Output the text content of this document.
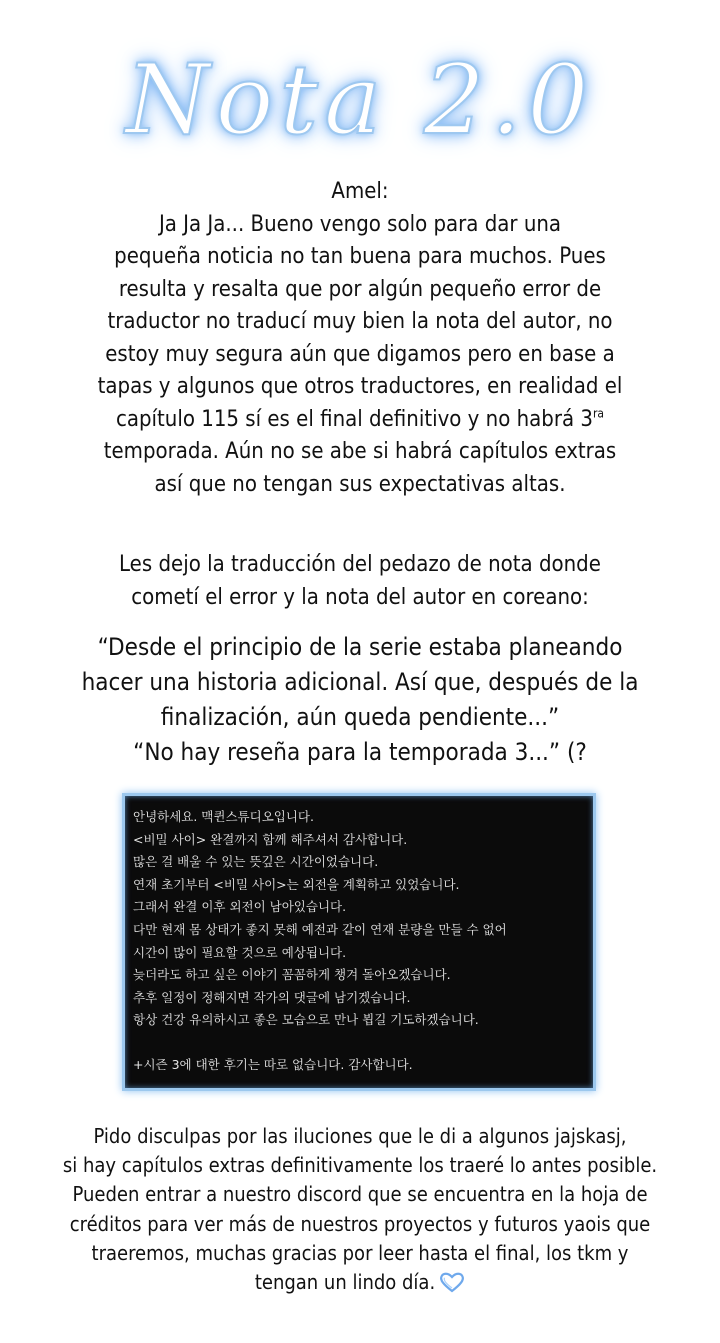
Nota 2.0
Amel:
Ja Ja Ja... Bueno vengo solo para dar una
pequeña noticia no tan buena para muchos. Pues
resulta y resalta que por algún pequeño error de
traductor no traducí muy bien la nota del autor, no
estoy muy segura aún que digamos pero en base a
tapas y algunos que otros traductores, en realidad el
capítulo 115 sí es el final definitivo y no habrá $3^{ra}$
temporada. Aún no se abe si habrá capítulos extras
así que no tengan sus expectativas altas.
Les dejo la traducción del pedazo de nota donde
cometí el error y la nota del autor en coreano:
“Desde el principio de la serie estaba planeando
hacer una historia adicional. Así que, después de la
finalización, aún queda pendiente...”
“No hay reseña para la temporada 3...” (?
안녕하세요. 맥퀸스튜디오입니다.
<비밀 사이> 완결까지 함께 해주셔서 감사합니다.
많은 걸 배울 수 있는 뜻깊은 시간이었습니다.
연재 초기부터 <비밀 사이>는 외전을 계획하고 있었습니다.
그래서 완결 이후 외전이 남아있습니다.
다만 현재 몸 상태가 좋지 못해 예전과 같이 연재 분량을 만들 수 없어
시간이 많이 필요할 것으로 예상됩니다.
늦더라도 하고 싶은 이야기 꼼꼼하게 챙겨 돌아오겠습니다.
추후 일정이 정해지면 작가의 댓글에 남기겠습니다.
항상 건강 유의하시고 좋은 모습으로 만나 뵙길 기도하겠습니다.
+시즌 3에 대한 후기는 따로 없습니다. 감사합니다.
Pido disculpas por las iluciones que le di a algunos jajskasj,
si hay capítulos extras definitivamente los traeré lo antes posible.
Pueden entrar a nuestro discord que se encuentra en la hoja de
créditos para ver más de nuestros proyectos y futuros yaois que
traeremos, muchas gracias por leer hasta el final, los tkm y
tengan un lindo día.
